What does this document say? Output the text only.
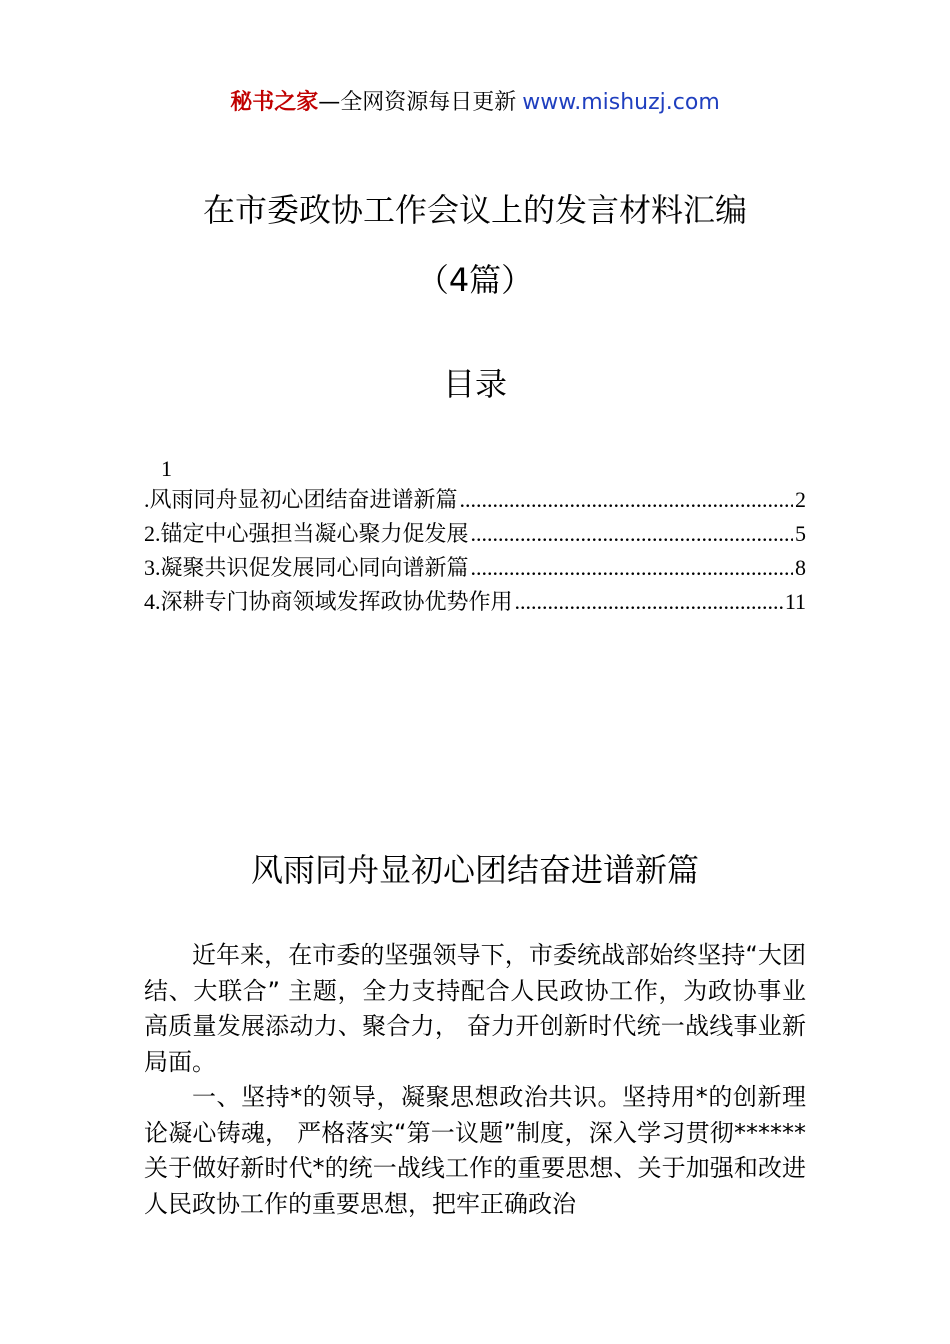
秘书之家—全网资源每日更新 www.mishuzj.com
在市委政协工作会议上的发言材料汇编
（4篇）
目录
1
. 风雨同舟显初心团结奋进谱新篇 .....	2
2. 锚定中心强担当凝心聚力促发展 .....	5
3. 凝聚共识促发展同心同向谱新篇 .....	8
4. 深耕专门协商领域发挥政协优势作用 .....	11
风雨同舟显初心团结奋进谱新篇

近年来，在市委的坚强领导下，市委统战部始终坚持“大团结、大联合” 主题，全力支持配合人民政协工作，为政协事业高质量发展添动力、聚合力， 奋力开创新时代统一战线事业新局面。

一、坚持*的领导，凝聚思想政治共识。坚持用*的创新理论凝心铸魂， 严格落实“第一议题”制度，深入学习贯彻******关于做好新时代*的统一战线工作的重要思想、关于加强和改进人民政协工作的重要思想，把牢正确政治
